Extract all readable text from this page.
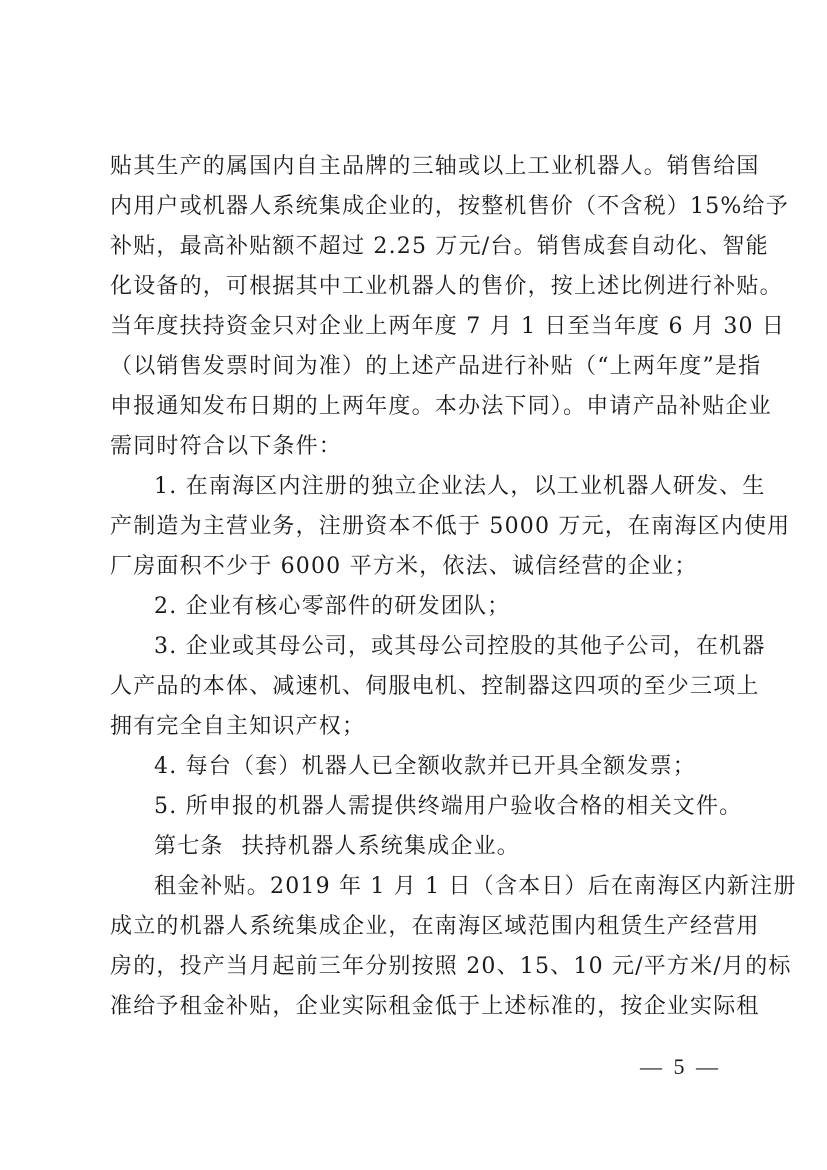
贴其生产的属国内自主品牌的三轴或以上工业机器人。销售给国
内用户或机器人系统集成企业的，按整机售价（不含税）15%给予
补贴，最高补贴额不超过 2.25 万元/台。销售成套自动化、智能
化设备的，可根据其中工业机器人的售价，按上述比例进行补贴。
当年度扶持资金只对企业上两年度 7 月 1 日至当年度 6 月 30 日
（以销售发票时间为准）的上述产品进行补贴（“上两年度”是指
申报通知发布日期的上两年度。本办法下同）。申请产品补贴企业
需同时符合以下条件：
1. 在南海区内注册的独立企业法人，以工业机器人研发、生
产制造为主营业务，注册资本不低于 5000 万元，在南海区内使用
厂房面积不少于 6000 平方米，依法、诚信经营的企业；
2. 企业有核心零部件的研发团队；
3. 企业或其母公司，或其母公司控股的其他子公司，在机器
人产品的本体、减速机、伺服电机、控制器这四项的至少三项上
拥有完全自主知识产权；
4. 每台（套）机器人已全额收款并已开具全额发票；
5. 所申报的机器人需提供终端用户验收合格的相关文件。
第七条 扶持机器人系统集成企业。
租金补贴。2019 年 1 月 1 日（含本日）后在南海区内新注册
成立的机器人系统集成企业，在南海区域范围内租赁生产经营用
房的，投产当月起前三年分别按照 20、15、10 元/平方米/月的标
准给予租金补贴，企业实际租金低于上述标准的，按企业实际租
— 5 —
